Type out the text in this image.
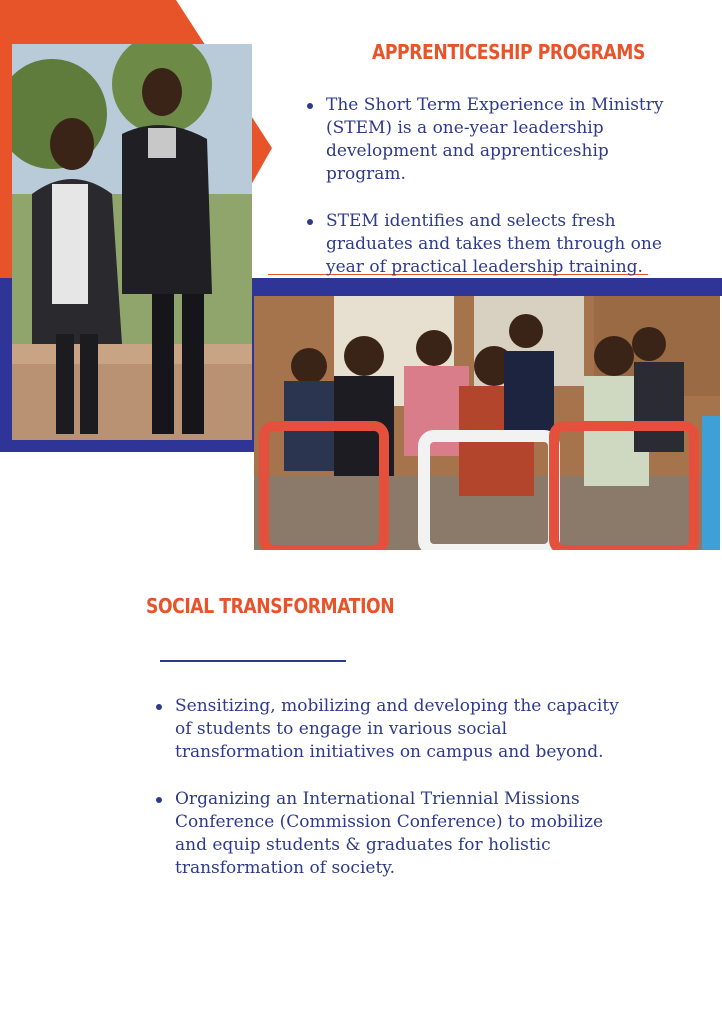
APPRENTICESHIP PROGRAMS
The Short Term Experience in Ministry (STEM) is a one-year leadership development and apprenticeship program.
STEM identifies and selects fresh graduates and takes them through one year of practical leadership training.
SOCIAL TRANSFORMATION
Sensitizing, mobilizing and developing the capacity of students to engage in various social transformation initiatives on campus and beyond.
Organizing an International Triennial Missions Conference (Commission Conference) to mobilize and equip students & graduates for holistic transformation of society.
